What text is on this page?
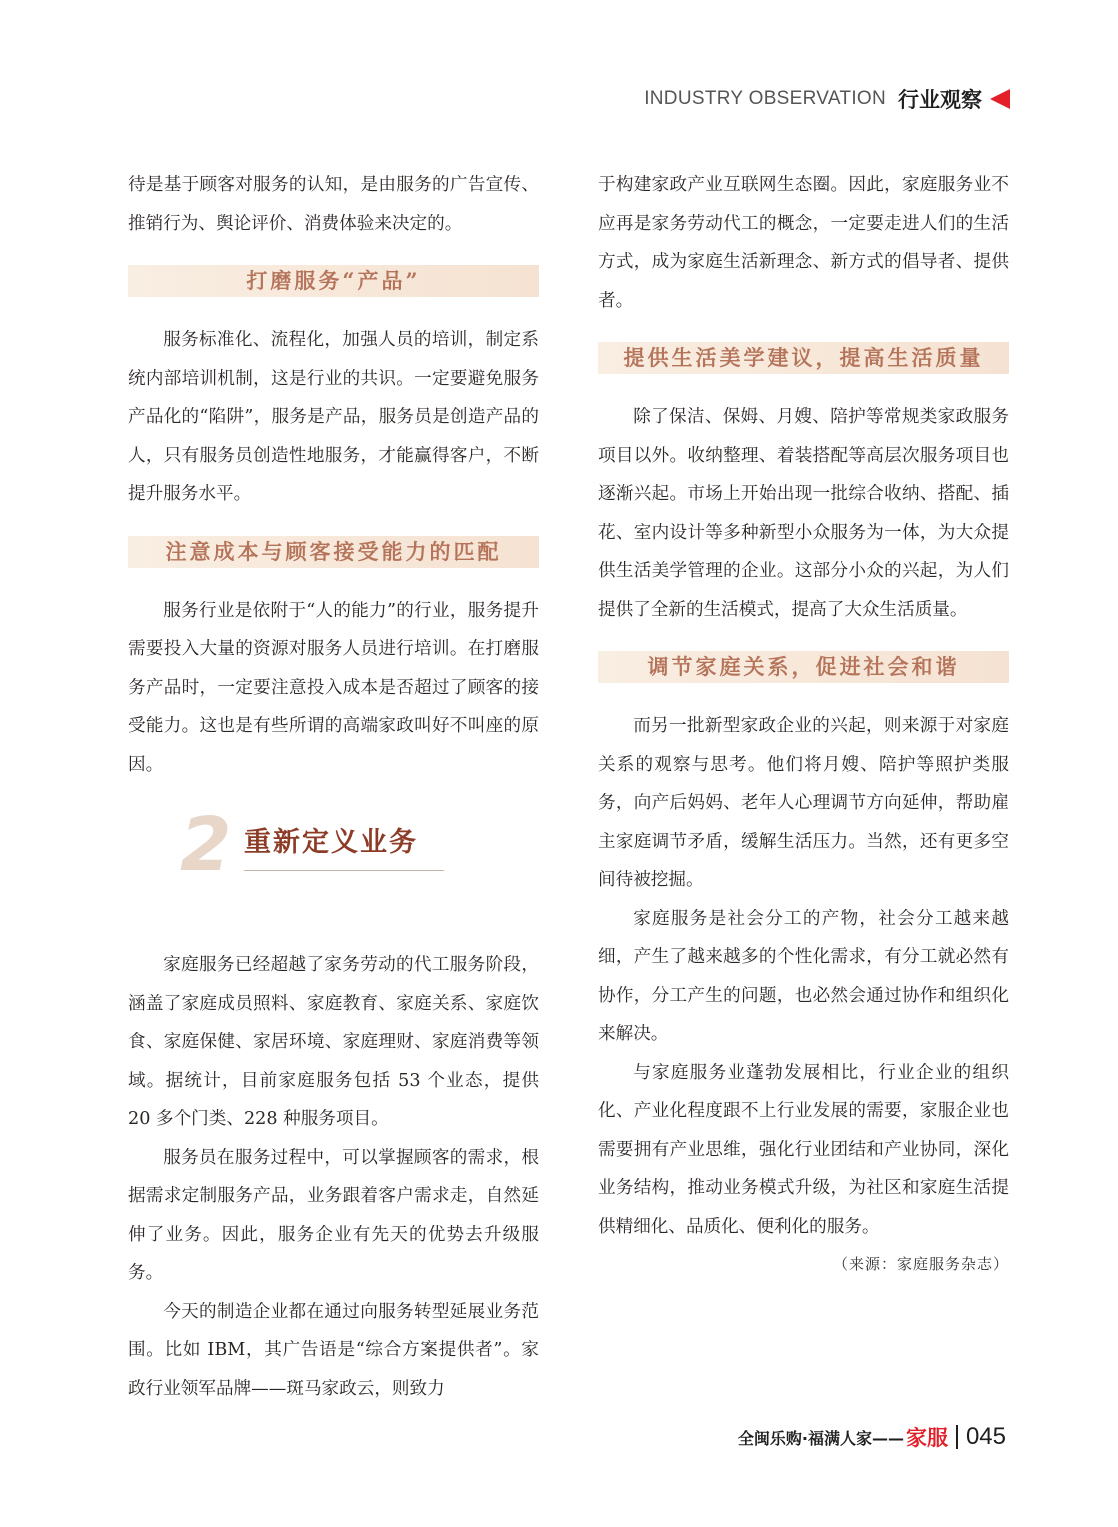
INDUSTRY OBSERVATION 行业观察

待是基于顾客对服务的认知，是由服务的广告宣传、推销行为、舆论评价、消费体验来决定的。

打磨服务“产品”

服务标准化、流程化，加强人员的培训，制定系统内部培训机制，这是行业的共识。一定要避免服务产品化的“陷阱”，服务是产品，服务员是创造产品的人，只有服务员创造性地服务，才能赢得客户，不断提升服务水平。

注意成本与顾客接受能力的匹配

服务行业是依附于“人的能力”的行业，服务提升需要投入大量的资源对服务人员进行培训。在打磨服务产品时，一定要注意投入成本是否超过了顾客的接受能力。这也是有些所谓的高端家政叫好不叫座的原因。

2 重新定义业务

家庭服务已经超越了家务劳动的代工服务阶段，涵盖了家庭成员照料、家庭教育、家庭关系、家庭饮食、家庭保健、家居环境、家庭理财、家庭消费等领域。据统计，目前家庭服务包括 53 个业态，提供 20 多个门类、228 种服务项目。

服务员在服务过程中，可以掌握顾客的需求，根据需求定制服务产品，业务跟着客户需求走，自然延伸了业务。因此，服务企业有先天的优势去升级服务。

今天的制造企业都在通过向服务转型延展业务范围。比如 IBM，其广告语是“综合方案提供者”。家政行业领军品牌——斑马家政云，则致力

于构建家政产业互联网生态圈。因此，家庭服务业不应再是家务劳动代工的概念，一定要走进人们的生活方式，成为家庭生活新理念、新方式的倡导者、提供者。

提供生活美学建议，提高生活质量

除了保洁、保姆、月嫂、陪护等常规类家政服务项目以外。收纳整理、着装搭配等高层次服务项目也逐渐兴起。市场上开始出现一批综合收纳、搭配、插花、室内设计等多种新型小众服务为一体，为大众提供生活美学管理的企业。这部分小众的兴起，为人们提供了全新的生活模式，提高了大众生活质量。

调节家庭关系，促进社会和谐

而另一批新型家政企业的兴起，则来源于对家庭关系的观察与思考。他们将月嫂、陪护等照护类服务，向产后妈妈、老年人心理调节方向延伸，帮助雇主家庭调节矛盾，缓解生活压力。当然，还有更多空间待被挖掘。

家庭服务是社会分工的产物，社会分工越来越细，产生了越来越多的个性化需求，有分工就必然有协作，分工产生的问题，也必然会通过协作和组织化来解决。

与家庭服务业蓬勃发展相比，行业企业的组织化、产业化程度跟不上行业发展的需要，家服企业也需要拥有产业思维，强化行业团结和产业协同，深化业务结构，推动业务模式升级，为社区和家庭生活提供精细化、品质化、便利化的服务。

（来源：家庭服务杂志）
全闽乐购·福满人家—— 家服 045
